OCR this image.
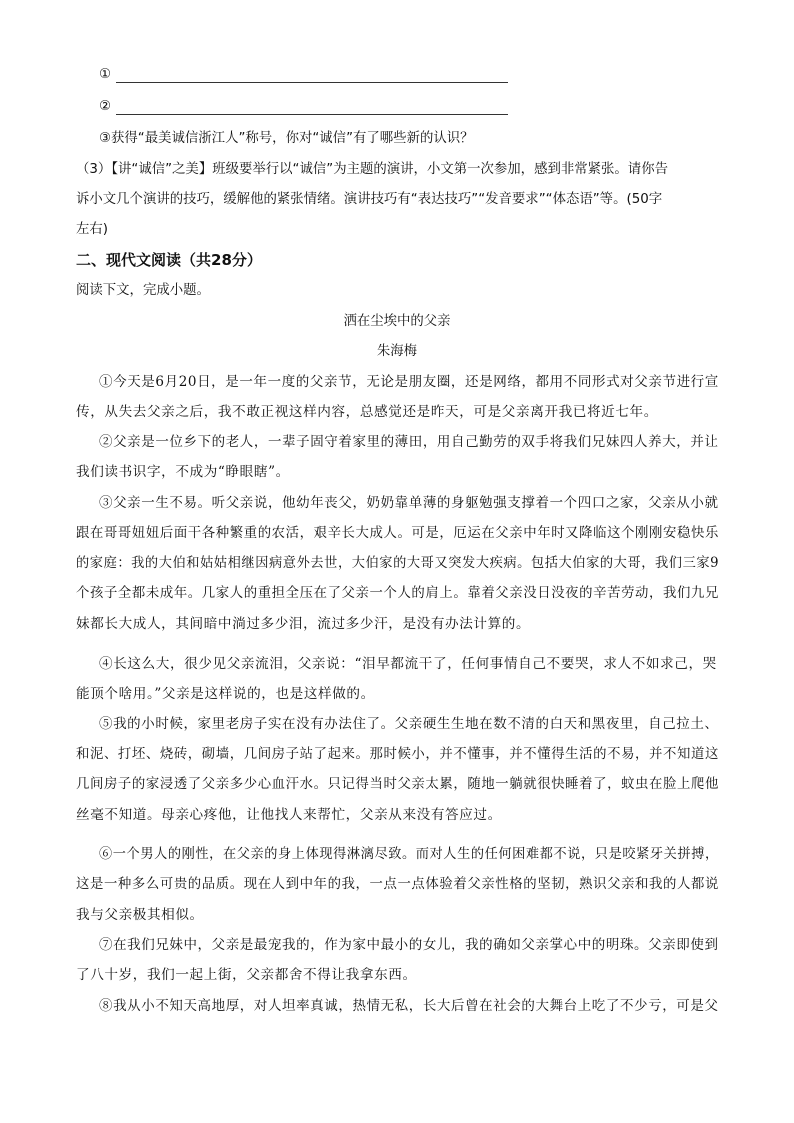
①
②
③获得“最美诚信浙江人”称号，你对“诚信”有了哪些新的认识？
（3）【讲“诚信”之美】班级要举行以“诚信”为主题的演讲，小文第一次参加，感到非常紧张。请你告
诉小文几个演讲的技巧，缓解他的紧张情绪。演讲技巧有“表达技巧”“发音要求”“体态语”等。(50字
左右)
二、现代文阅读（共28分）
阅读下文，完成小题。
洒在尘埃中的父亲
朱海梅
①今天是6月20日，是一年一度的父亲节，无论是朋友圈，还是网络，都用不同形式对父亲节进行宣
传，从失去父亲之后，我不敢正视这样内容，总感觉还是昨天，可是父亲离开我已将近七年。
②父亲是一位乡下的老人，一辈子固守着家里的薄田，用自己勤劳的双手将我们兄妹四人养大，并让
我们读书识字，不成为“睁眼瞎”。
③父亲一生不易。听父亲说，他幼年丧父，奶奶靠单薄的身躯勉强支撑着一个四口之家，父亲从小就
跟在哥哥妞妞后面干各种繁重的农活，艰辛长大成人。可是，厄运在父亲中年时又降临这个刚刚安稳快乐
的家庭：我的大伯和姑姑相继因病意外去世，大伯家的大哥又突发大疾病。包括大伯家的大哥，我们三家9
个孩子全都未成年。几家人的重担全压在了父亲一个人的肩上。靠着父亲没日没夜的辛苦劳动，我们九兄
妹都长大成人，其间暗中淌过多少泪，流过多少汗，是没有办法计算的。
④长这么大，很少见父亲流泪，父亲说：“泪早都流干了，任何事情自己不要哭，求人不如求己，哭
能顶个啥用。”父亲是这样说的，也是这样做的。
⑤我的小时候，家里老房子实在没有办法住了。父亲硬生生地在数不清的白天和黑夜里，自己拉土、
和泥、打坯、烧砖，砌墙，几间房子站了起来。那时候小，并不懂事，并不懂得生活的不易，并不知道这
几间房子的家浸透了父亲多少心血汗水。只记得当时父亲太累，随地一躺就很快睡着了，蚊虫在脸上爬他
丝毫不知道。母亲心疼他，让他找人来帮忙，父亲从来没有答应过。
⑥一个男人的刚性，在父亲的身上体现得淋漓尽致。而对人生的任何困难都不说，只是咬紧牙关拼搏，
这是一种多么可贵的品质。现在人到中年的我，一点一点体验着父亲性格的坚韧，熟识父亲和我的人都说
我与父亲极其相似。
⑦在我们兄妹中，父亲是最宠我的，作为家中最小的女儿，我的确如父亲掌心中的明珠。父亲即使到
了八十岁，我们一起上街，父亲都舍不得让我拿东西。
⑧我从小不知天高地厚，对人坦率真诚，热情无私，长大后曾在社会的大舞台上吃了不少亏，可是父
